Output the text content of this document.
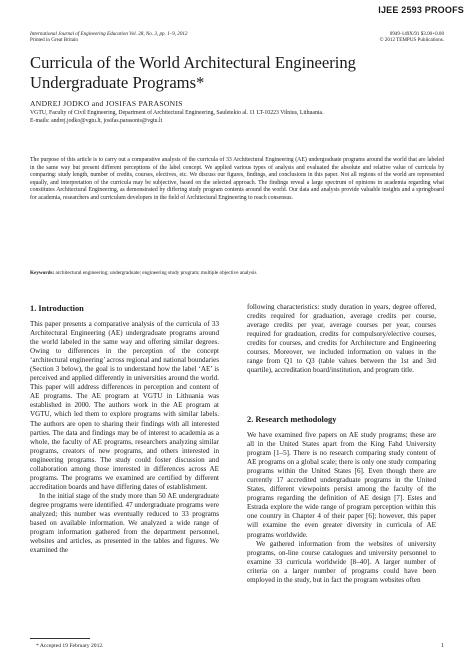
IJEE 2593 PROOFS
International Journal of Engineering Education Vol. 28, No. 3, pp. 1–9, 2012
Printed in Great Britain
0949-149X/91 $3.00+0.00
© 2012 TEMPUS Publications.
Curricula of the World Architectural Engineering Undergraduate Programs*
ANDREJ JODKO and JOSIFAS PARASONIS
VGTU, Faculty of Civil Engineering, Department of Architectural Engineering, Sauletekio al. 11 LT-10223 Vilnius, Lithuania.
E-mails: andrej.jodko@vgtu.lt, josifas.parasonis@vgtu.lt
The purpose of this article is to carry out a comparative analysis of the curricula of 33 Architectural Engineering (AE) undergraduate programs around the world that are labeled in the same way but present different perceptions of the label concept. We applied various types of analysis and evaluated the absolute and relative value of curricula by comparing: study length, number of credits, courses, electives, etc. We discuss our figures, findings, and conclusions in this paper. Not all regions of the world are represented equally, and interpretation of the curricula may be subjective, based on the selected approach. The findings reveal a large spectrum of opinions in academia regarding what constitutes Architectural Engineering, as demonstrated by differing study program contents around the world. Our data and analysis provide valuable insights and a springboard for academia, researchers and curriculum developers in the field of Architectural Engineering to reach consensus.
Keywords: architectural engineering; undergraduate; engineering study program; multiple objective analysis
1. Introduction

This paper presents a comparative analysis of the curricula of 33 Architectural Engineering (AE) undergraduate programs around the world labeled in the same way and offering similar degrees. Owing to differences in the perception of the concept ‘architectural engineering’ across regional and national boundaries (Section 3 below), the goal is to understand how the label ‘AE’ is perceived and applied differently in universities around the world. This paper will address differences in perception and content of AE programs. The AE program at VGTU in Lithuania was established in 2000. The authors work in the AE program at VGTU, which led them to explore programs with similar labels. The authors are open to sharing their findings with all interested parties. The data and findings may be of interest to academia as a whole, the faculty of AE programs, researchers analyzing similar programs, creators of new programs, and others interested in engineering programs. The study could foster discussion and collaboration among those interested in differences across AE programs. The programs we examined are certified by different accreditation boards and have differing dates of establishment.

In the initial stage of the study more than 50 AE undergraduate degree programs were identified. 47 undergraduate programs were analyzed; this number was eventually reduced to 33 programs based on available information. We analyzed a wide range of program information gathered from the department personnel, websites and articles, as presented in the tables and figures. We examined the

following characteristics: study duration in years, degree offered, credits required for graduation, average credits per course, average credits per year, average courses per year, courses required for graduation, credits for compulsory/elective courses, credits for courses, and credits for Architecture and Engineering courses. Moreover, we included information on values in the range from Q1 to Q3 (table values between the 1st and 3rd quartile), accreditation board/institution, and program title.

2. Research methodology

We have examined five papers on AE study programs; these are all in the United States apart from the King Fahd University program [1–5]. There is no research comparing study content of AE programs on a global scale; there is only one study comparing programs within the United States [6]. Even though there are currently 17 accredited undergraduate programs in the United States, different viewpoints persist among the faculty of the programs regarding the definition of AE design [7]. Estes and Estrada explore the wide range of program perception within this one country in Chapter 4 of their paper [6]; however, this paper will examine the even greater diversity in curricula of AE programs worldwide.

We gathered information from the websites of university programs, on-line course catalogues and university personnel to examine 33 curricula worldwide [8–40]. A larger number of criteria on a larger number of programs could have been employed in the study, but in fact the program websites often

* Accepted 19 February 2012.	1
